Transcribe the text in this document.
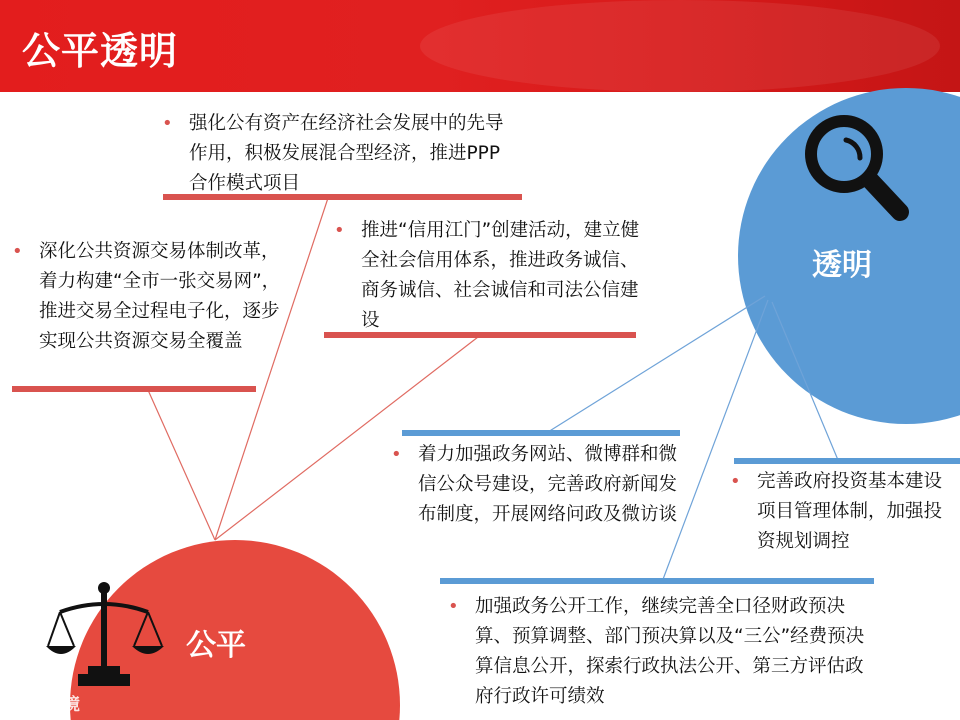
公平透明
透明
公平
• 强化公有资产在经济社会发展中的先导作用，积极发展混合型经济，推进PPP合作模式项目
• 深化公共资源交易体制改革，着力构建“全市一张交易网”，推进交易全过程电子化，逐步实现公共资源交易全覆盖
• 推进“信用江门”创建活动，建立健全社会信用体系，推进政务诚信、商务诚信、社会诚信和司法公信建设
• 着力加强政务网站、微博群和微信公众号建设，完善政府新闻发布制度，开展网络问政及微访谈
• 完善政府投资基本建设项目管理体制，加强投资规划调控
• 加强政务公开工作，继续完善全口径财政预决算、预算调整、部门预决算以及“三公”经费预决算信息公开，探索行政执法公开、第三方评估政府行政许可绩效
大数跨境
